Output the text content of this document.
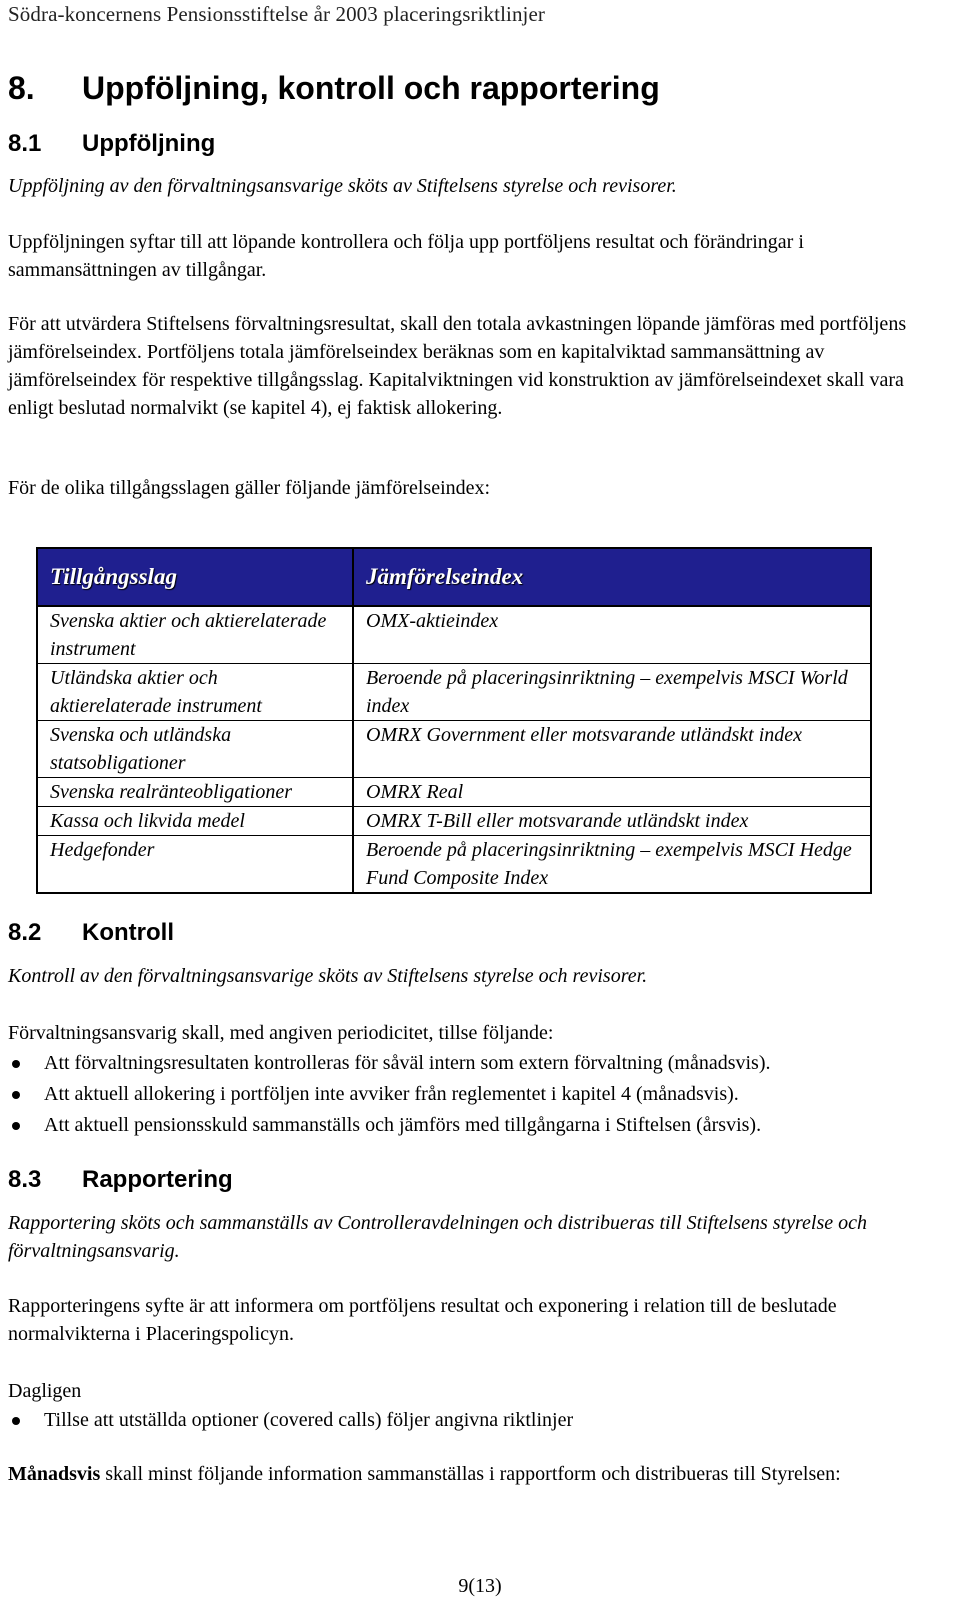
Södra-koncernens Pensionsstiftelse år 2003 placeringsriktlinjer
8. Uppföljning, kontroll och rapportering
8.1 Uppföljning
Uppföljning av den förvaltningsansvarige sköts av Stiftelsens styrelse och revisorer.
Uppföljningen syftar till att löpande kontrollera och följa upp portföljens resultat och förändringar i sammansättningen av tillgångar.
För att utvärdera Stiftelsens förvaltningsresultat, skall den totala avkastningen löpande jämföras med portföljens jämförelseindex. Portföljens totala jämförelseindex beräknas som en kapitalviktad sammansättning av jämförelseindex för respektive tillgångsslag. Kapitalviktningen vid konstruktion av jämförelseindexet skall vara enligt beslutad normalvikt (se kapitel 4), ej faktisk allokering.
För de olika tillgångsslagen gäller följande jämförelseindex:
Tillgångsslag	Jämförelseindex
Svenska aktier och aktierelaterade instrument	OMX-aktieindex
Utländska aktier och aktierelaterade instrument	Beroende på placeringsinriktning – exempelvis MSCI World index
Svenska och utländska statsobligationer	OMRX Government eller motsvarande utländskt index
Svenska realränteobligationer	OMRX Real
Kassa och likvida medel	OMRX T-Bill eller motsvarande utländskt index
Hedgefonder	Beroende på placeringsinriktning – exempelvis MSCI Hedge Fund Composite Index
8.2 Kontroll
Kontroll av den förvaltningsansvarige sköts av Stiftelsens styrelse och revisorer.
Förvaltningsansvarig skall, med angiven periodicitet, tillse följande:
Att förvaltningsresultaten kontrolleras för såväl intern som extern förvaltning (månadsvis).
Att aktuell allokering i portföljen inte avviker från reglementet i kapitel 4 (månadsvis).
Att aktuell pensionsskuld sammanställs och jämförs med tillgångarna i Stiftelsen (årsvis).
8.3 Rapportering
Rapportering sköts och sammanställs av Controlleravdelningen och distribueras till Stiftelsens styrelse och förvaltningsansvarig.
Rapporteringens syfte är att informera om portföljens resultat och exponering i relation till de beslutade normalvikterna i Placeringspolicyn.
Dagligen
Tillse att utställda optioner (covered calls) följer angivna riktlinjer
Månadsvis skall minst följande information sammanställas i rapportform och distribueras till Styrelsen:
9(13)
